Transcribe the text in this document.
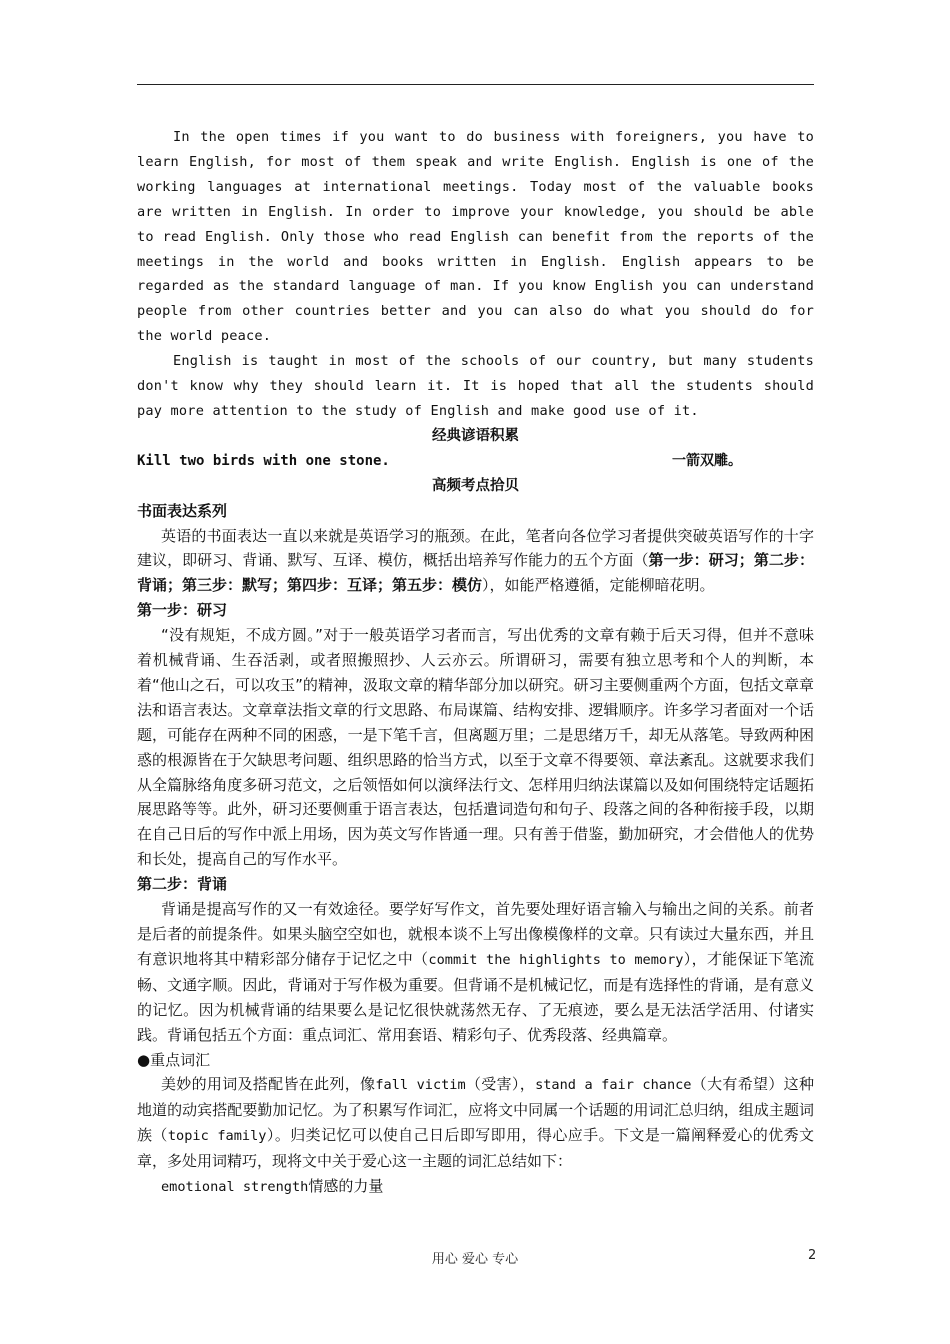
In the open times if you want to do business with foreigners, you have to learn English, for most of them speak and write English. English is one of the working languages at international meetings. Today most of the valuable books are written in English. In order to improve your knowledge, you should be able to read English. Only those who read English can benefit from the reports of the meetings in the world and books written in English. English appears to be regarded as the standard language of man. If you know English you can understand people from other countries better and you can also do what you should do for the world peace.

English is taught in most of the schools of our country, but many students don't know why they should learn it. It is hoped that all the students should pay more attention to the study of English and make good use of it.

经典谚语积累

Kill two birds with one stone.	一箭双雕。

高频考点拾贝

书面表达系列

英语的书面表达一直以来就是英语学习的瓶颈。在此，笔者向各位学习者提供突破英语写作的十字建议，即研习、背诵、默写、互译、模仿，概括出培养写作能力的五个方面（第一步：研习；第二步：背诵；第三步：默写；第四步：互译；第五步：模仿），如能严格遵循，定能柳暗花明。

第一步：研习

“没有规矩，不成方圆。”对于一般英语学习者而言，写出优秀的文章有赖于后天习得，但并不意味着机械背诵、生吞活剥，或者照搬照抄、人云亦云。所谓研习，需要有独立思考和个人的判断，本着“他山之石，可以攻玉”的精神，汲取文章的精华部分加以研究。研习主要侧重两个方面，包括文章章法和语言表达。文章章法指文章的行文思路、布局谋篇、结构安排、逻辑顺序。许多学习者面对一个话题，可能存在两种不同的困惑，一是下笔千言，但离题万里；二是思绪万千，却无从落笔。导致两种困惑的根源皆在于欠缺思考问题、组织思路的恰当方式，以至于文章不得要领、章法紊乱。这就要求我们从全篇脉络角度多研习范文，之后领悟如何以演绎法行文、怎样用归纳法谋篇以及如何围绕特定话题拓展思路等等。此外，研习还要侧重于语言表达，包括遣词造句和句子、段落之间的各种衔接手段，以期在自己日后的写作中派上用场，因为英文写作皆通一理。只有善于借鉴，勤加研究，才会借他人的优势和长处，提高自己的写作水平。

第二步：背诵

背诵是提高写作的又一有效途径。要学好写作文，首先要处理好语言输入与输出之间的关系。前者是后者的前提条件。如果头脑空空如也，就根本谈不上写出像模像样的文章。只有读过大量东西，并且有意识地将其中精彩部分储存于记忆之中（commit the highlights to memory），才能保证下笔流畅、文通字顺。因此，背诵对于写作极为重要。但背诵不是机械记忆，而是有选择性的背诵，是有意义的记忆。因为机械背诵的结果要么是记忆很快就荡然无存、了无痕迹，要么是无法活学活用、付诸实践。背诵包括五个方面：重点词汇、常用套语、精彩句子、优秀段落、经典篇章。

●重点词汇

美妙的用词及搭配皆在此列，像fall victim（受害），stand a fair chance（大有希望）这种地道的动宾搭配要勤加记忆。为了积累写作词汇，应将文中同属一个话题的用词汇总归纳，组成主题词族（topic family）。归类记忆可以使自己日后即写即用，得心应手。下文是一篇阐释爱心的优秀文章，多处用词精巧，现将文中关于爱心这一主题的词汇总结如下：

emotional strength情感的力量

用心 爱心 专心	2
